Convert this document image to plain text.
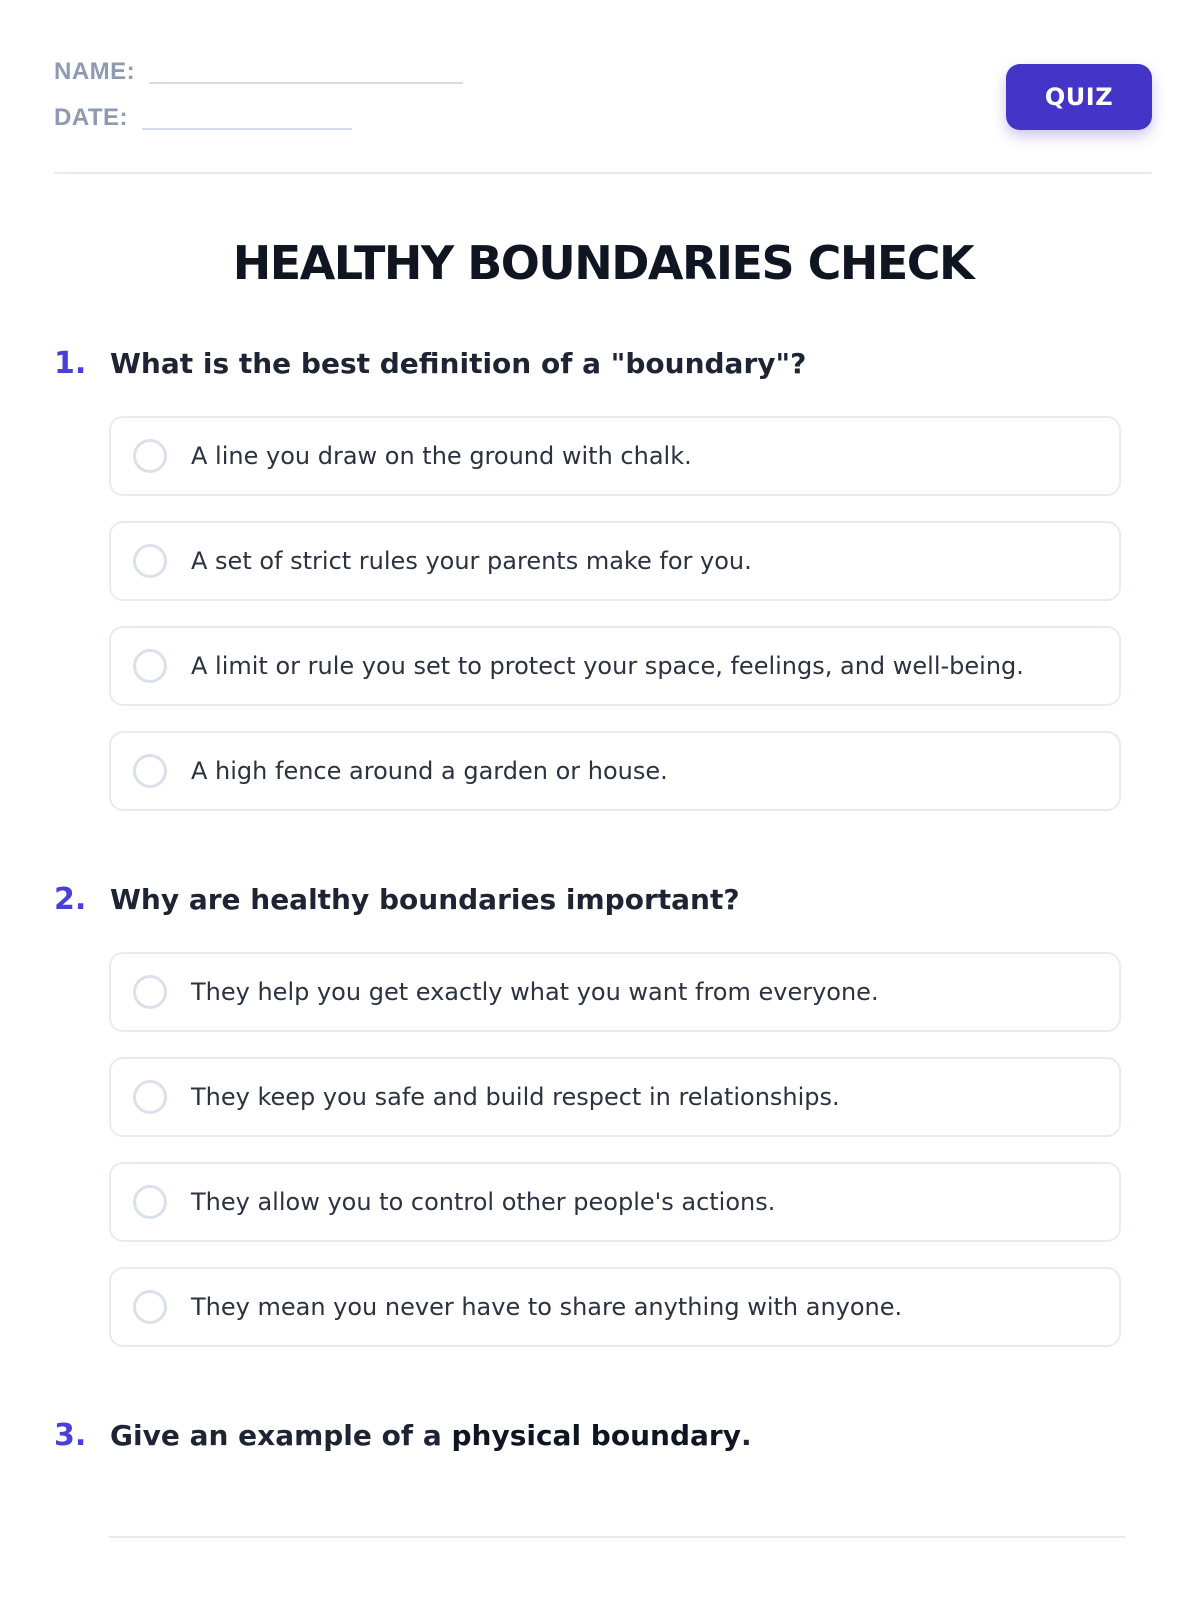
NAME:
DATE:
QUIZ
HEALTHY BOUNDARIES CHECK
1. What is the best definition of a "boundary"?
A line you draw on the ground with chalk.
A set of strict rules your parents make for you.
A limit or rule you set to protect your space, feelings, and well-being.
A high fence around a garden or house.
2. Why are healthy boundaries important?
They help you get exactly what you want from everyone.
They keep you safe and build respect in relationships.
They allow you to control other people's actions.
They mean you never have to share anything with anyone.
3. Give an example of a physical boundary.
